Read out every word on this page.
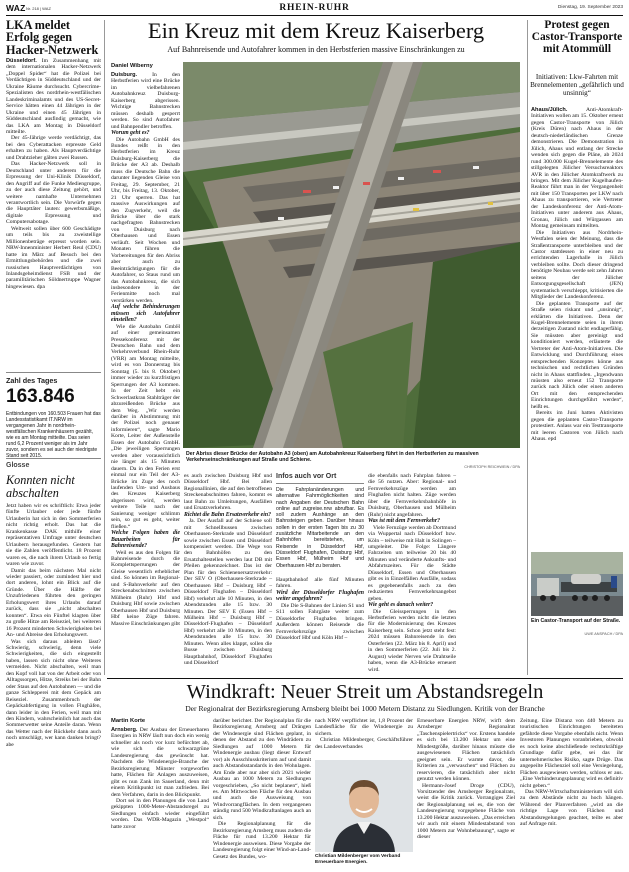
WAZ Nr. 218 | WAZ	RHEIN-RUHR	Dienstag, 19. September 2023
LKA meldet Erfolg gegen Hacker-Netzwerk

Düsseldorf. Im Zusammenhang mit dem internationalen Hacker-Netzwerk „Doppel Spider“ hat die Polizei bei Verdächtigen in Süddeutschland und der Ukraine Räume durchsucht. Cybercrime-Spezialisten des nordrhein-westfälischen Landeskriminalamts und des US-Secret-Service hätten einen 44 Jährigen in der Ukraine und einen 45 Jährigen in Süddeutschland ausfindig gemacht, wie das LKA am Montag in Düsseldorf mitteilte.

Der 45-Jährige werde verdächtigt, das bei den Cyberattacken erpresste Geld erhalten zu haben. Als Hauptverdächtige und Drahtzieher gälten zwei Russen.

Das Hacker-Netzwerk soll in Deutschland unter anderem für die Erpressung der Uni-Klinik Düsseldorf, den Angriff auf die Funke Mediengruppe, zu der auch diese Zeitung gehört, und weitere namhafte Unternehmen verantwortlich sein. Die Vorwürfe gegen die Haupttäter lauten: gewerbsmäßige, digitale Erpressung und Computersabotage.

Weltweit sollen über 600 Geschädigte um teils bis zu zweistellige Millionenbeträge erpresst worden sein. NRW-Innenminister Herbert Reul (CDU) hatte im März auf Besuch bei den Ermittlungsbehörden und die zwei russischen Hauptverdächtigen von Inlandsgeheimdienst FSB und der paramilitärischen Söldnertruppe Wagner hingewiesen. dpa

Zahl des Tages
163.846
Entbindungen von 160.503 Frauen hat das Landesstatistikamt IT.NRW im vergangenen Jahr in nordrhein-westfälischen Krankenhäusern gezählt, wie es am Montag mitteilte. Das seien rund 6,2 Prozent weniger als im Jahr zuvor, sondern es sei auch der niedrigste Stand seit 2015.
Glosse
Konnten nicht abschalten

Jetzt haben wir es schriftlich: Etwa jeder fünfte Urlauber oder jede fünfte Urlauberin hat sich in den Sommerferien nicht richtig erholt. Das hat die Krankenkasse DAK mithilfe einer repräsentativen Umfrage unter deutschen Urlaubern herausgefunden. Gestern hat sie die Zahlen veröffentlicht. 18 Prozent waren es, die nach ihrem Urlaub so fertig waren wie zuvor.

Damit das beim nächsten Mal nicht wieder passiert, oder zumindest hier und dort anderen, lohnt ein Blick auf die Gründe. Über die Hälfte der Unzufriedenen führten den geringen Erholungswert ihres Urlaubs darauf zurück, dass sie „nicht abschalten konnten“. Etwa ein Fünftel klagten über zu große Hitze am Reiseziel, bei weiteren 16 Prozent minderten Schwierigkeiten bei An- und Abreise den Erholungswert.

Was sich daraus ableiten lässt? Schwierig, schwierig, denn viele Schwierigkeiten, die sich eingestellt haben, lassen sich nicht ohne Weiteres vermeiden. Nicht abschalten, weil man den Kopf voll hat von der Arbeit oder von Alltagssorgen, Hitze, Streiks bei der Bahn oder Staus auf den Autobahnen — und die ganze Schlepperei mit dem Gepäck am Reiseziel. Zusammenbruch der Gepäckabfertigung in vollen Flughäfen, dann leider in den Ferien, weil man mit den Kindern, wahrscheinlich hat auch das Sommerwetter seine Anteile daran. Wenn das Wetter nach der Rückkehr dann auch noch umschlägt, wer kann danken bringt? abe

Ein Kreuz mit dem Kreuz Kaiserberg
Auf Bahnreisende und Autofahrer kommen in den Herbstferien massive Einschränkungen zu
Daniel Wiberny

Duisburg. In den Herbstferien wird eine Brücke im vielbefahrenen Autobahnkreuz Duisburg-Kaiserberg abgerissen. Wichtige Bahnstrecken müssen deshalb gesperrt werden. So sind Autofahrer und Bahnpendler betroffen.

Worum geht es?

Die Autobahn GmbH des Bundes reißt in den Herbstferien im Kreuz Duisburg-Kaiserberg die Brücke der A3 ab. Deshalb muss die Deutsche Bahn die darunter liegenden Gleise von Freitag, 29. September, 21 Uhr, bis Freitag, 13. Oktober, 21 Uhr sperren. Das hat massive Auswirkungen auf den Zugverkehr, weil die Brücke über die stark nachgefragten Bahnstrecken von Duisburg nach Oberhausen und Essen verläuft. Seit Wochen und Monaten führen die Vorbereitungen für den Abriss aber auch zu Beeinträchtigungen für die Autofahrer, so Staus rund um das Autobahnkreuz, die sich insbesondere in der Ferienmitte noch mal verstärken werden.

Auf welche Behinderungen müssen sich Autofahrer einstellen?

Wie die Autobahn GmbH auf einer gemeinsamen Pressekonferenz mit der Deutschen Bahn und dem Verkehrsverbund Rhein-Ruhr (VRR) am Montag mitteilte, wird es von Donnerstag bis Sonntag (5. bis 8. Oktober) immer wieder zu kurzfristigen Sperrungen der A3 kommen. In der Zeit hebt ein Schwerlastkran Stahlträger der abzureißenden Brücke aus dem Weg. „Wir werden darüber in Abstimmung mit der Polizei noch genauer informieren“, sagte Mario Korte, Leiter der Außenstelle Essen der Autobahn GmbH. „Die jeweiligen Sperrungen werden aber voraussichtlich nie länger als 15 Minuten dauern. Da in den Ferien erst einmal nur ein Teil der A3-Brücke im Zuge des noch laufenden Um- und Ausbaus des Kreuzes Kaiserberg abgerissen wird, werden weitere Teile nach der Sanierung weniger schlimm sein, so gut es geht, weiter fließen.“

Welche Folgen haben die Bauarbeiten für Bahnreisende?

Weil es aus den Folgen für Bahnreisende durch die Komplettsperrungen der Gleise wesentlich erheblicher sind. So können im Regional- und S-Bahnverkehr auf den Streckenabschnitten zwischen Mülheim (Ruhr) Hbf und Duisburg Hbf sowie zwischen Oberhausen Hbf und Duisburg Hbf keine Züge fahren. Massive Einschränkungen gibt

Der Abriss dieser Brücke der Autobahn A3 (oben) am Autobahnkreuz Kaiserberg führt in den Herbstferien zu massiven Verkehrseinschränkungen auf Straße und Schiene.
CHRISTOPH REICHWEIN / DPA

es auch zwischen Duisburg Hbf und Düsseldorf Hbf. Bei allen Regionallinien, die auf den betroffenen Streckenabschnitten fahren, kommt es laut Bahn zu Umleitungen, Ausfällen und Ersatzverkehren.

Richtet die Bahn Ersatzverkehr ein?

Ja. Der Ausfall auf der Schiene soll mit Schnellbussen zwischen Oberhausen-Sterkrade und Düsseldorf sowie zwischen Essen und Düsseldorf kompensiert werden. Die Wege von den Bahnhöfen zu den Ersatzhaltestellen werden laut DB mit Pfeilen gekennzeichnet. Das ist der Plan für den Schienenersatzverkehr: Der SEV O (Oberhausen-Sterkrade – Oberhausen Hbf – Duisburg Hbf – Düsseldorf Flughafen – Düsseldorf Hbf) verkehrt alle 10 Minuten, in den Abendstunden alle 15 bzw. 30 Minuten. Der SEV E (Essen Hbf – Mülheim Hbf – Duisburg Hbf – Düsseldorf-Flughafen – Düsseldorf Hbf) verkehrt alle 10 Minuten, in den Abendstunden alle 15 bzw. 30 Minuten. Wenn alles klappt, sollen die Busse zwischen Duisburg Hauptbahnhof, Düsseldorf Flughafen und Düsseldorf

Infos auch vor Ort
Die Fahrplanänderungen und alternative Fahrmöglichkeiten sind nach Angaben der Deutschen Bahn online auf zugreise.nrw abrufbar. Es soll zudem Aushänge an den Bahnsteigen geben. Darüber hinaus sollen in der ersten Tagen bis zu 30 zusätzliche Mitarbeitende an den Bahnhöfen bereitstehen, um Reisende in Düsseldorf Hbf, Düsseldorf Flughafen, Duisburg Hbf, Essen Hbf, Mülheim Hbf und Oberhausen Hbf zu beraten.

Hauptbahnhof alle fünf Minuten fahren.

Wird der Düsseldorfer Flughafen weiter angefahren?

Die Die S-Bahnen der Linien S1 und S11 sollen Fahrgäste weiter zum Düsseldorfer Flughafen bringen. Außerdem können Reisende die Fernverkehrszüge zwischen Düsseldorf Hbf und Köln Hbf –

die ebenfalls nach Fahrplan fahren – die 56 nutzen. Aber: Regional- und Fernverkehrszüge werden am Flughafen nicht halten. Züge werden über die Fernverkehrsbahnhöfe in Duisburg, Oberhausen und Mülheim (Ruhr) nicht angefahren.

Was ist mit dem Fernverkehr?

Viele Fernzüge werden ab Dortmund via Wuppertal nach Düsseldorf bzw. Köln – teilweise mit Halt in Solingen – umgeleitet. Die Folge: Längere Fahrzeiten um teilweise 20 bis 40 Minuten und veränderte Ankunfts- und Abfahrtszeiten. Für die Städte Düsseldorf, Essen und Oberhausen gibt es in Einzelfällen Ausfälle, sodass es gegebenenfalls auch zu den reduzierten Fernverkehrsangebot geben.

Wie geht es danach weiter?

Die Gleissperrungen in den Herbstferien werden nicht die letzten für die Modernisierung des Kreuzes Kaiserberg sein. Schon jetzt steht fest: 2024 müssen Bahnreisende in den Osterferien (22. März bis 8. April) und in den Sommerferien (22. Juli bis 2. August) wieder Nerven wie Drahtseile haben, wenn die A3-Brücke erneuert wird.

Protest gegen Castor-Transporte mit Atommüll
Initiativen: Lkw-Fahrten mit Brennelementen „gefährlich und unsinnig“

Ahaus/Jülich. Anti-Atomkraft-Initiativen wollen am 15. Oktober erneut gegen Castor-Transporte von Jülich (Kreis Düren) nach Ahaus in der deutsch-niederländischen Grenze demonstrieren. Die Demonstration in Jülich, Ahaus und entlang der Strecke wenden sich gegen die Pläne, ab 2024 rund 300.000 Kugel-Brennelemente des stillgelegten Jülicher Versuchsreaktors AVR in den Jülicher Atomkraftwerk zu bringen. Mit dem Jülicher Kugelhaufen-Reaktor führt man in der Vergangenheit mit über 150 Transporten per LKW nach Ahaus zu transportieren, wie Vertreter der Landeskonferenz der Anti-Atom-Initiativen unter anderem aus Ahaus, Gronau, Jülich und Würgassen am Montag gemeinsam mitteilten.

Die Initiativen aus Nordrhein-Westfalen seien der Meinung, dass die Straßentransporte unterbleiben und der Castor stattdessen in einer neu zu errichtenden Lagerhalle in Jülich verbleiben sollte. Doch dieser dringend benötigte Neubau werde seit zehn Jahren seitens der Jülicher Entsorgungsgesellschaft (JEN) systematisch verschleppt, kritisierten die Mitglieder der Landeskonferenz.

Die geplanten Transporte auf der Straße seien riskant und „unsinnig“, erklärten die Initiativen. Denn der Kugel-Brennelemente seien in ihrem derzeitigen Zustand nicht endlagerfähig. Sie müssten aber gereinigt und konditioniert werden, erläuterte die Vertreter der Anti-Atom-Initiativen. Die Entwicklung und Durchführung eines entsprechenden Konzeptes könne aus technischen und rechtlichen Gründen nicht in Ahaus stattfinden. „Irgendwann müssten also erneut 152 Transporte zurück nach Jülich oder einen anderen Ort mit den entsprechenden Einrichtungen durchgeführt werden“, heißt es.

Bereits im Juni hatten Aktivisten gegen die geplanten Castor-Transporte protestiert. Anlass war ein Testtransporte mit leeren Castoren von Jülich nach Ahaus. epd

Ein Castor-Transport auf der Straße.
UWE ANSPACH / DPA
Windkraft: Neuer Streit um Abstandsregeln
Der Regionalrat der Bezirksregierung Arnsberg bleibt bei 1000 Metern Distanz zu Siedlungen. Kritik von der Branche
Martin Korte

Arnsberg. Der Ausbau der Erneuerbaren Energien in NRW läuft nun doch ein wenig schneller als noch vor kurz befürchtet ab, wie sich die schwarzgrüne Landesregierung das gewünscht hat. Nachdem die Windenergie-Branche der Bezirksregierung Münster vorgeworfen hatte, Flächen für Anlagen auszuweisen, gibt es nun Zank im Sauerland, denn mit einem Kritikpunkt ist man zufrieden. Bei dem Verfahren, darin in den Blickpunkt.

Dort sei in den Planungen die von Land gekippten 1000-Meter-Abstandsregel zu Siedlungen einfach wieder eingeführt worden. Das WDR-Magazin „Westpol“ hatte zuvor

darüber berichtet. Der Regionalplan für die Bezirksregierung Arnsberg auf Drängen der Windenergie sind Flächen geplant, in denen der Abstand zu den Windrädern zu Siedlungen auf 1000 Metern für Windenergie ausbau (liegt dieser Entwurf vor) als Ausschlusskriterium auf und damit auch Abstandsstandards in den Wohnlagen. Am Ende aber nur aber sich 2021 wieder Ausbau an 1000 Metern zu Siedlungen vorgeschrieben, „So nicht beplanen“, hieß es. Am Mittwochen Fläche für den Ausbau und auch die Ausweisung von Windvorrangflächen. In dem vergangenen ständig rund 500 Windkraftanlagen auch an sich.

Die Regionalplanung für die Bezirksregierung Arnsberg muss zudem die Fläche für rund 13.200 Hektar für Windenergie ausweisen. Diese Vorgabe der Landesregierung folgt einer Wind-an-Land-Gesetz des Bundes, wo-

nach NRW verpflichtet ist, 1,8 Prozent der Landesfläche für die Windenergie zu sichern.

Christian Mildenberger, Geschäftsführer des Landesverbandes

Christian Mildenberger vom Verband Erneuerbare Energien.

Erneuerbare Energien NRW, wirft dem Arnsberger Regionalrat „Taschenspielertricks“ vor. Erstens handele es sich bei 13.200 Hektar um eine Mindestgröße, darüber hinaus müsste die ausgewiesenen Flächen tatsächlich geeignet sein. Er warnte davor, die Kriterien zu „verwaschen“ und Flächen zu reservieren, die tatsächlich aber nicht genutzt werden können.

Hermann-Josef Droge (CDU), Vorsitzender des Arnsberger Regionalrats, weist die Kritik zurück. Vorrangiges Ziel der Regionalplanung sei es, die von der Landesregierung vorgegebene Fläche von 13.200 Hektar auszuweisen. „Das erreichen wir auch mit einem Mindestabstand von 1000 Metern zur Wohnbebauung“, sagte er dieser

Zeitung. Eine Distanz von 440 Metern zu touristischen Einrichtungen bereiteten gefährde diese Vorgabe ebenfalls nicht. Wenn Investoren Planungen voranbrieben, obwohl es noch keine abschließende rechtsrkräftige Grundlage dafür gebe, sei das ihr unternehmerisches Risiko, sagte Drüge. Das angepeilte Flächenziel soll eine Versiegelung, Flächen ausgewiesen werden, schloss er aus. „Eine Verhinderungsplanung wird es definitiv nicht geben.“

Das NRW-Wirtschaftsministerium will sich zu dem Abstände nicht zu hoch hängen. Während der Planverfahren „wird an die richtige Lage von Flächen und Abstandsregelungen geachtet, teilte es aber auf Anfrage mit.
